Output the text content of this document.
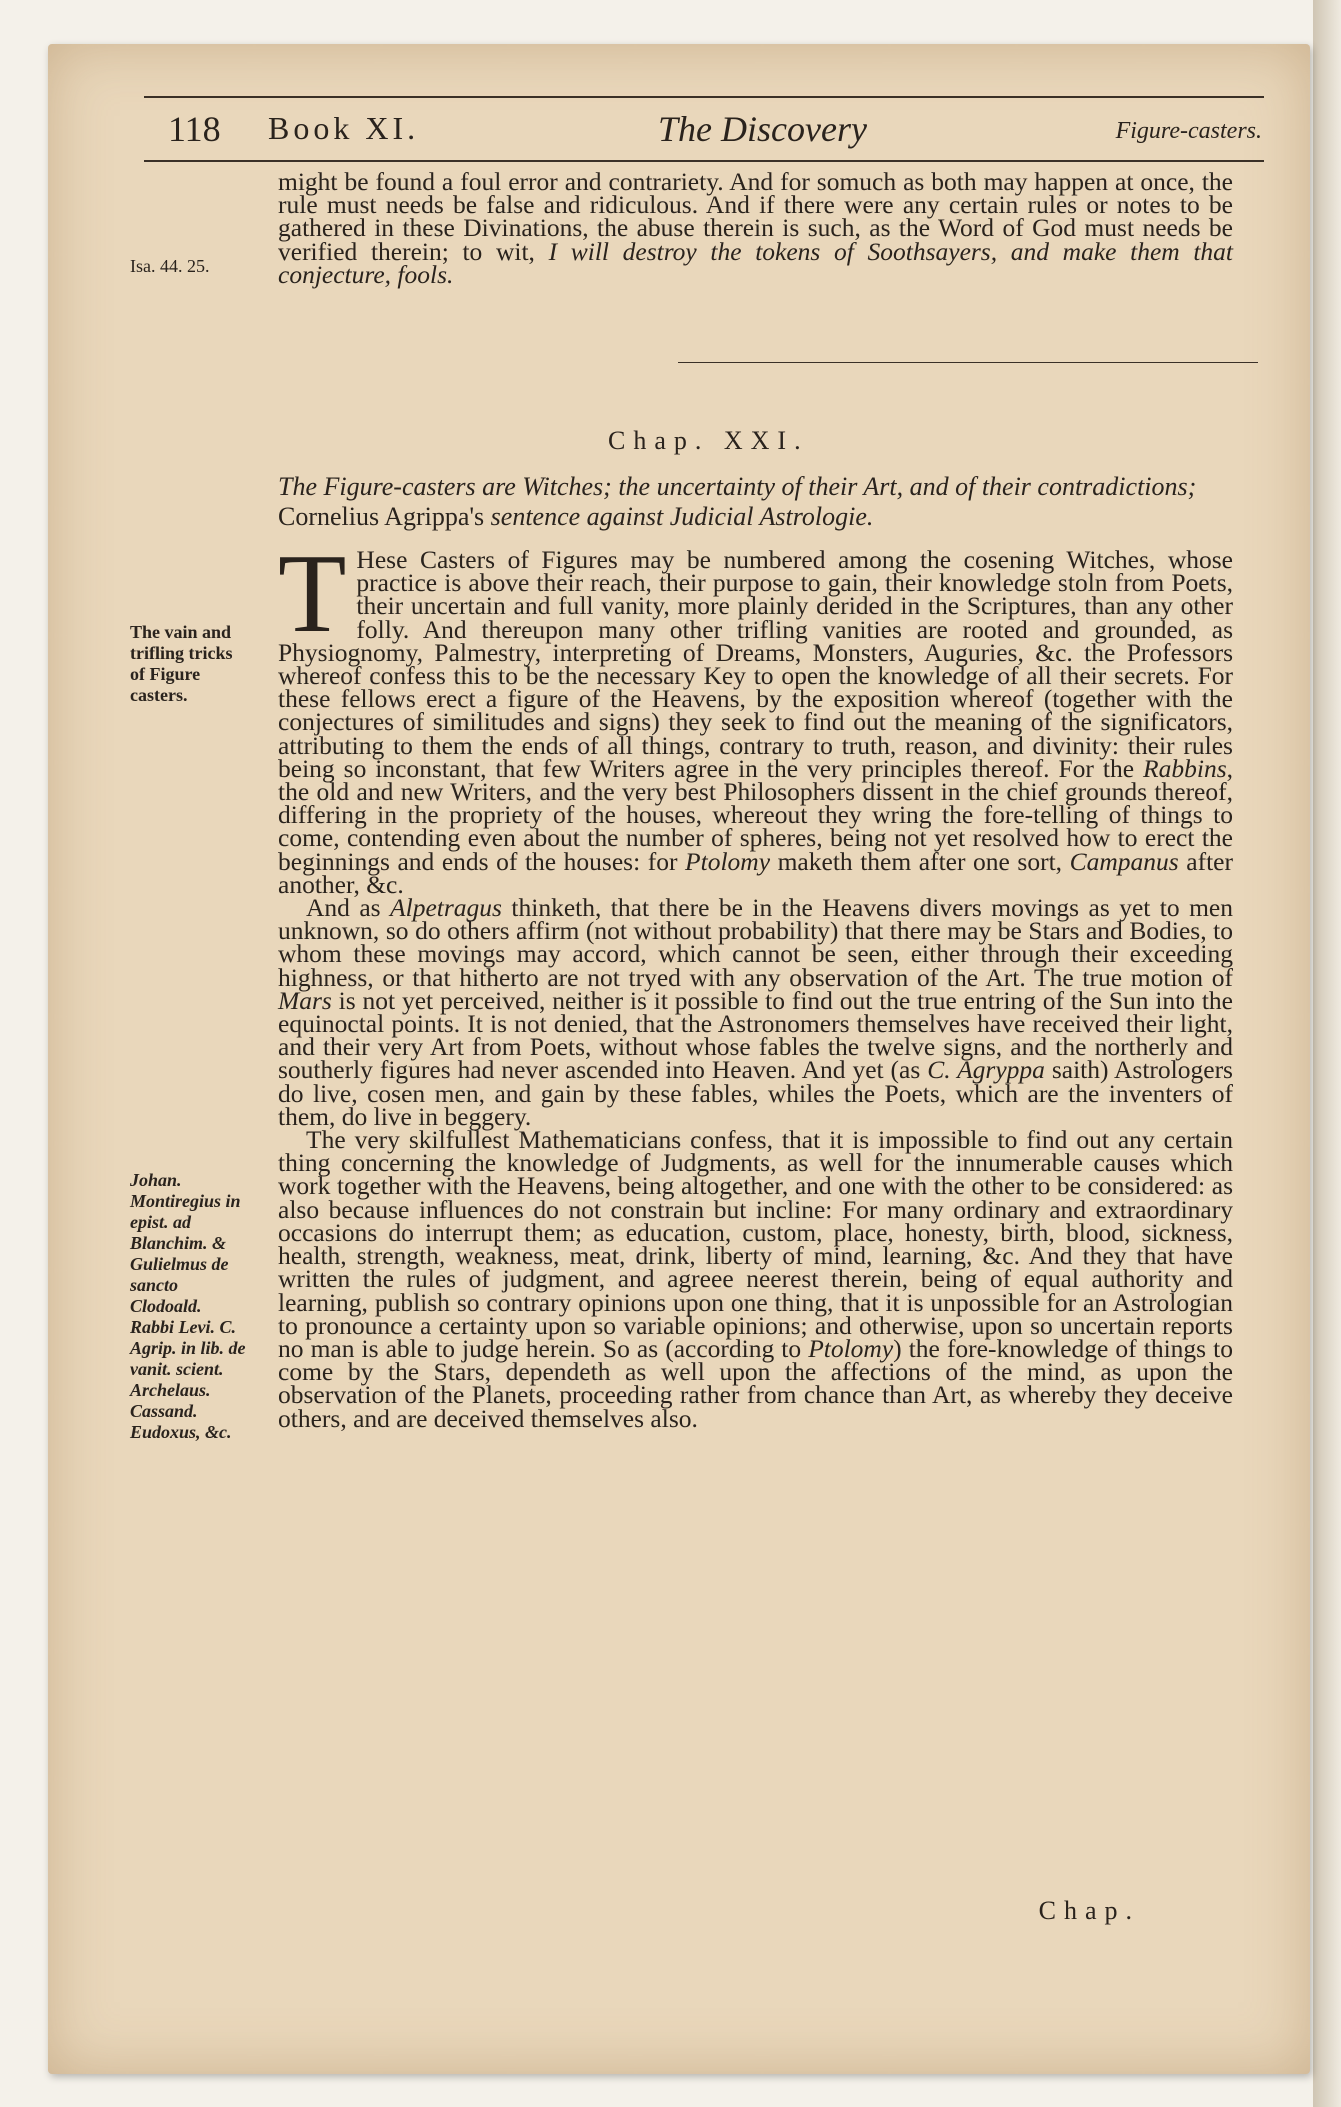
118 Book XI.	The Discovery	Figure-casters.

might be found a foul error and contrariety. And for somuch as both may happen at once, the rule must needs be false and ridiculous. And if there were any certain rules or notes to be gathered in these Divinations, the abuse therein is such, as the Word of God must needs be verified therein; to wit, I will destroy the tokens of Soothsayers, and make them that conjecture, fools.

Isa. 44. 25.
Chap. XXI.
The Figure-casters are Witches; the uncertainty of their Art, and of their contradictions; Cornelius Agrippa's sentence against Judicial Astrologie.

T Hese Casters of Figures may be numbered among the cosening Witches, whose practice is above their reach, their purpose to gain, their knowledge stoln from Poets, their uncertain and full vanity, more plainly derided in the Scriptures, than any other folly. And thereupon many other trifling vanities are rooted and grounded, as Physiognomy, Palmestry, interpreting of Dreams, Monsters, Auguries, &c. the Professors whereof confess this to be the necessary Key to open the knowledge of all their secrets. For these fellows erect a figure of the Heavens, by the exposition whereof (together with the conjectures of similitudes and signs) they seek to find out the meaning of the significators, attributing to them the ends of all things, contrary to truth, reason, and divinity: their rules being so inconstant, that few Writers agree in the very principles thereof. For the Rabbins, the old and new Writers, and the very best Philosophers dissent in the chief grounds thereof, differing in the propriety of the houses, whereout they wring the fore-telling of things to come, contending even about the number of spheres, being not yet resolved how to erect the beginnings and ends of the houses: for Ptolomy maketh them after one sort, Campanus after another, &c.

And as Alpetragus thinketh, that there be in the Heavens divers movings as yet to men unknown, so do others affirm (not without probability) that there may be Stars and Bodies, to whom these movings may accord, which cannot be seen, either through their exceeding highness, or that hitherto are not tryed with any observation of the Art. The true motion of Mars is not yet perceived, neither is it possible to find out the true entring of the Sun into the equinoctal points. It is not denied, that the Astronomers themselves have received their light, and their very Art from Poets, without whose fables the twelve signs, and the northerly and southerly figures had never ascended into Heaven. And yet (as C. Agryppa saith) Astrologers do live, cosen men, and gain by these fables, whiles the Poets, which are the inventers of them, do live in beggery.

The very skilfullest Mathematicians confess, that it is impossible to find out any certain thing concerning the knowledge of Judgments, as well for the innumerable causes which work together with the Heavens, being altogether, and one with the other to be considered: as also because influences do not constrain but incline: For many ordinary and extraordinary occasions do interrupt them; as education, custom, place, honesty, birth, blood, sickness, health, strength, weakness, meat, drink, liberty of mind, learning, &c. And they that have written the rules of judgment, and agreee neerest therein, being of equal authority and learning, publish so contrary opinions upon one thing, that it is unpossible for an Astrologian to pronounce a certainty upon so variable opinions; and otherwise, upon so uncertain reports no man is able to judge herein. So as (according to Ptolomy) the fore-knowledge of things to come by the Stars, dependeth as well upon the affections of the mind, as upon the observation of the Planets, proceeding rather from chance than Art, as whereby they deceive others, and are deceived themselves also.

The vain and trifling tricks of Figure casters.
Johan. Montiregius in epist. ad Blanchim. & Gulielmus de sancto Clodoald. Rabbi Levi. C. Agrip. in lib. de vanit. scient. Archelaus. Cassand. Eudoxus, &c.
Chap.
